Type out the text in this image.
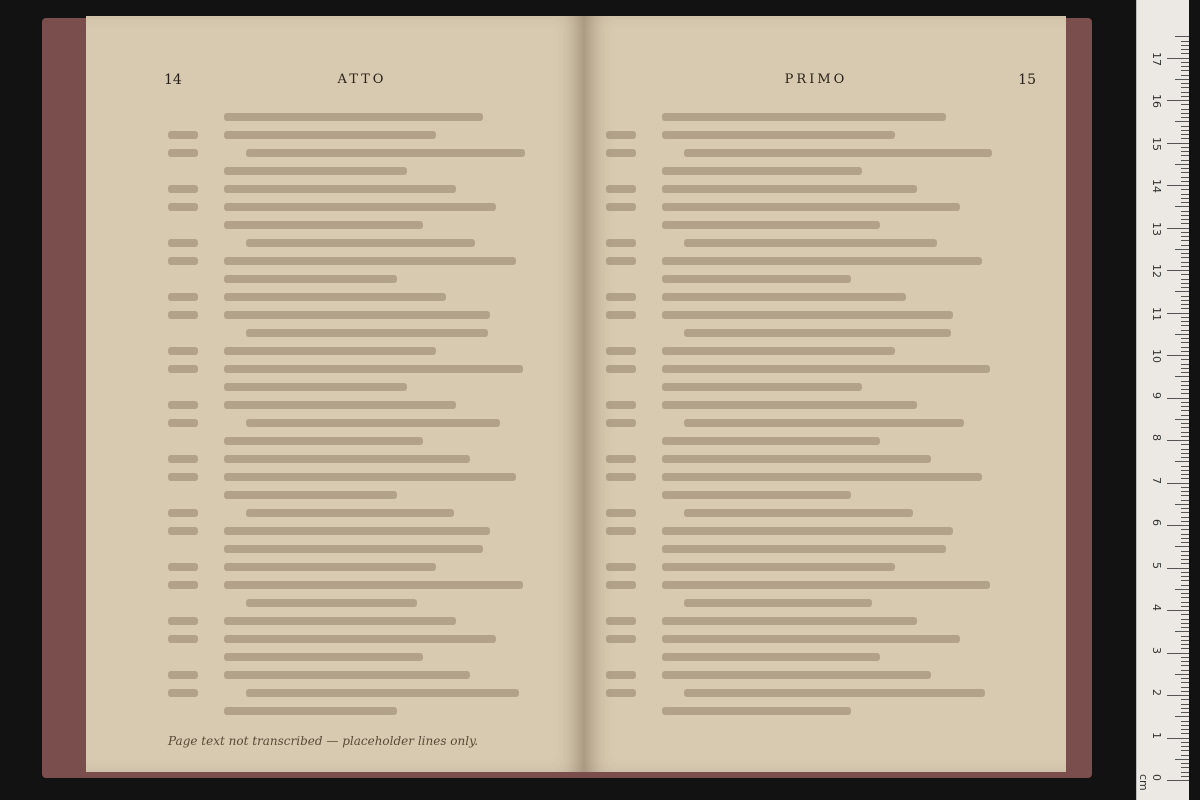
14	ATTO
Page text not transcribed — placeholder lines only.
PRIMO	15
0 cm
1
2
3
4
5
6
7
8
9
10
11
12
13
14
15
16
17
